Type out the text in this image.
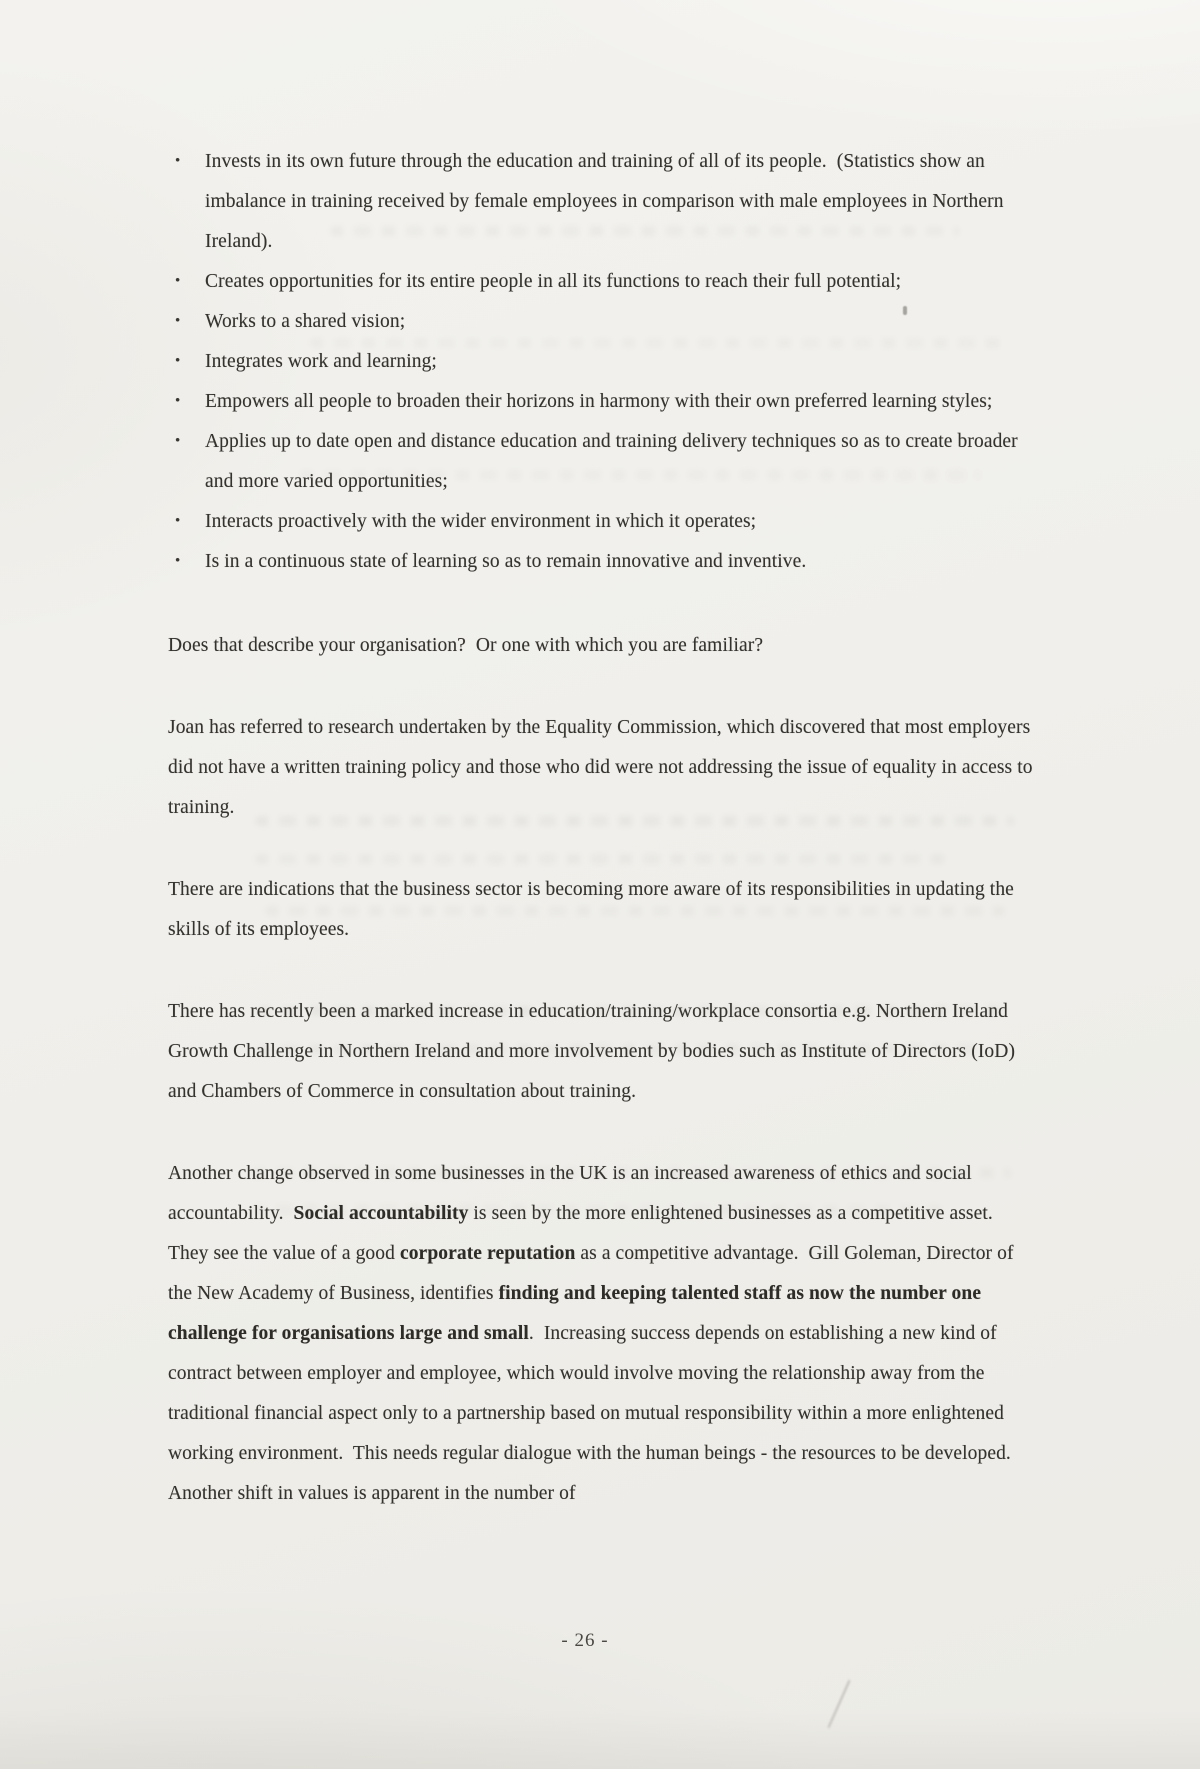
• Invests in its own future through the education and training of all of its people.  (Statistics show an imbalance in training received by female employees in comparison with male employees in Northern Ireland).
• Creates opportunities for its entire people in all its functions to reach their full potential;
• Works to a shared vision;
• Integrates work and learning;
• Empowers all people to broaden their horizons in harmony with their own preferred learning styles;
• Applies up to date open and distance education and training delivery techniques so as to create broader and more varied opportunities;
• Interacts proactively with the wider environment in which it operates;
• Is in a continuous state of learning so as to remain innovative and inventive.

Does that describe your organisation?  Or one with which you are familiar?

Joan has referred to research undertaken by the Equality Commission, which discovered that most employers did not have a written training policy and those who did were not addressing the issue of equality in access to training.

There are indications that the business sector is becoming more aware of its responsibilities in updating the skills of its employees.

There has recently been a marked increase in education/training/workplace consortia e.g. Northern Ireland Growth Challenge in Northern Ireland and more involvement by bodies such as Institute of Directors (IoD) and Chambers of Commerce in consultation about training.

Another change observed in some businesses in the UK is an increased awareness of ethics and social accountability.  Social accountability is seen by the more enlightened businesses as a competitive asset.  They see the value of a good corporate reputation as a competitive advantage.  Gill Goleman, Director of the New Academy of Business, identifies finding and keeping talented staff as now the number one challenge for organisations large and small.  Increasing success depends on establishing a new kind of contract between employer and employee, which would involve moving the relationship away from the traditional financial aspect only to a partnership based on mutual responsibility within a more enlightened working environment.  This needs regular dialogue with the human beings - the resources to be developed.  Another shift in values is apparent in the number of

- 26 -
